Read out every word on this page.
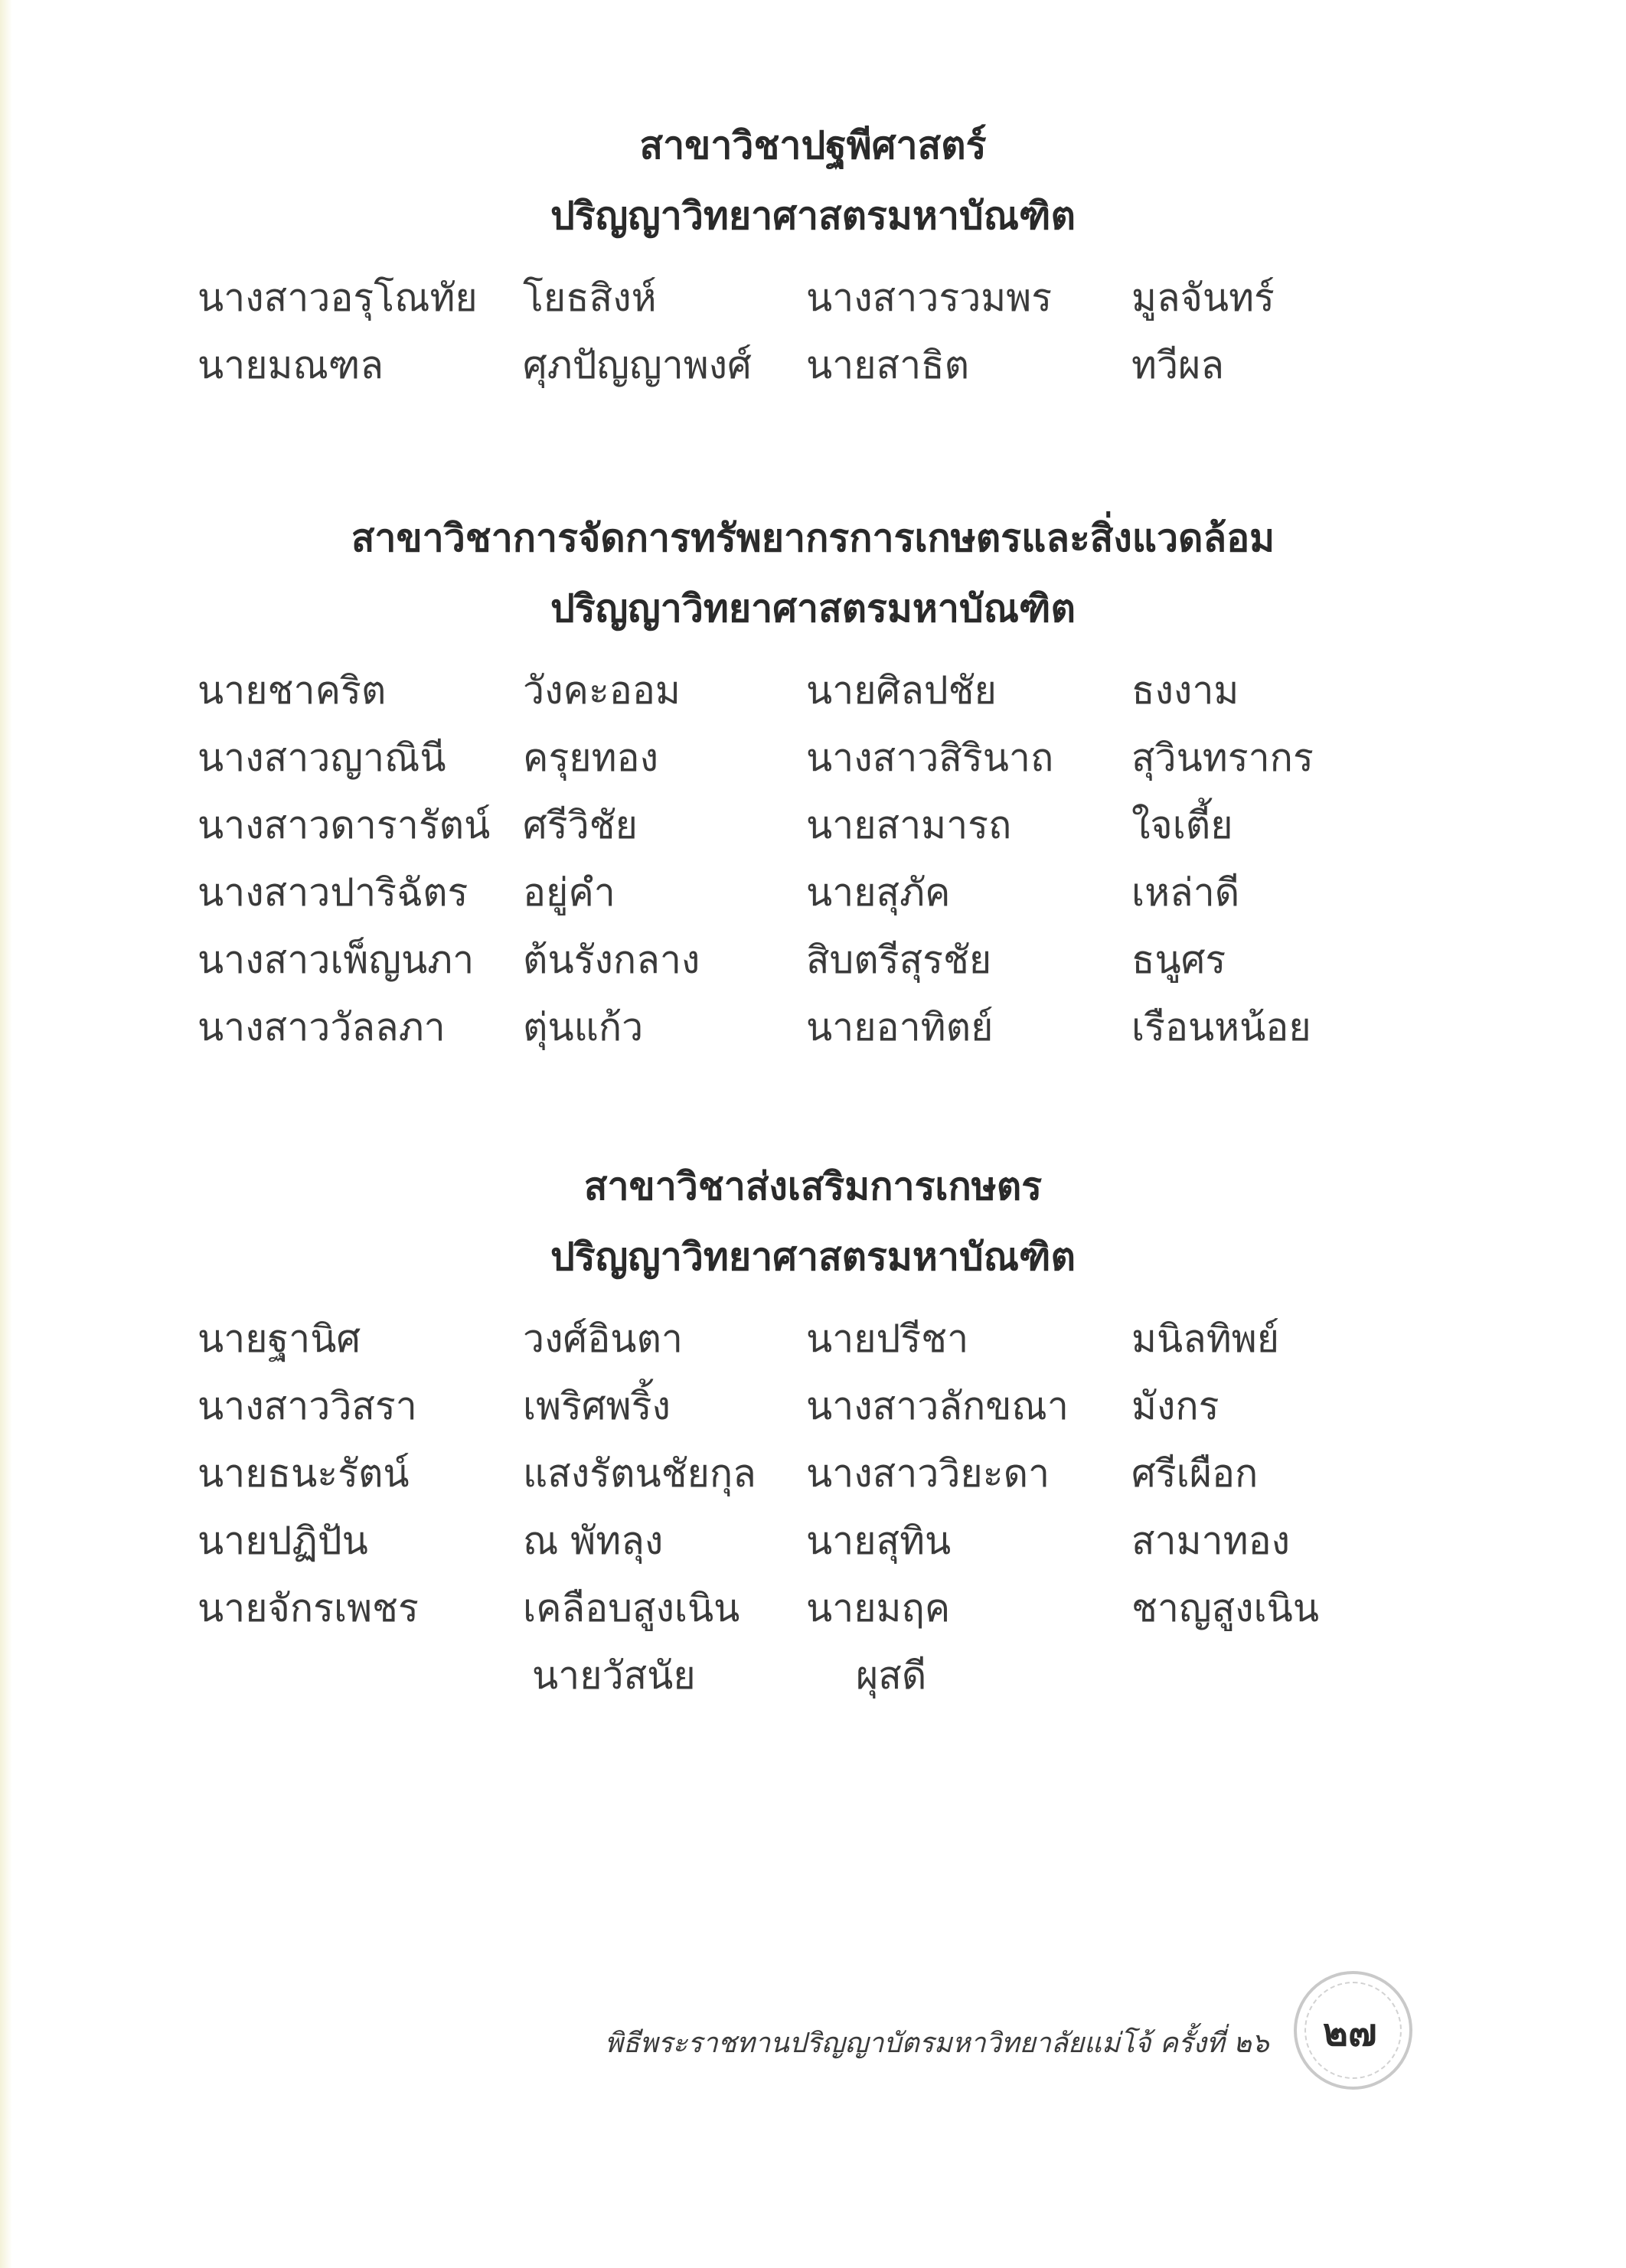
สาขาวิชาปฐพีศาสตร์
ปริญญาวิทยาศาสตรมหาบัณฑิต
นางสาวอรุโณทัย โยธสิงห์	นางสาวรวมพร มูลจันทร์
นายมณฑล	ศุภปัญญาพงศ์ นายสาธิต	ทวีผล
สาขาวิชาการจัดการทรัพยากรการเกษตรและสิ่งแวดล้อม
ปริญญาวิทยาศาสตรมหาบัณฑิต
นายชาคริต	วังคะออม	นายศิลปชัย	ธงงาม
นางสาวญาณินี ครุยทอง	นางสาวสิรินาถ สุวินทรากร
นางสาวดารารัตน์ ศรีวิชัย	นายสามารถ	ใจเตี้ย
นางสาวปาริฉัตร อยู่คำ	นายสุภัค	เหล่าดี
นางสาวเพ็ญนภา ต้นรังกลาง	สิบตรีสุรชัย	ธนูศร
นางสาววัลลภา ตุ่นแก้ว	นายอาทิตย์	เรือนหน้อย
สาขาวิชาส่งเสริมการเกษตร
ปริญญาวิทยาศาสตรมหาบัณฑิต
นายฐานิศ	วงศ์อินตา	นายปรีชา	มนิลทิพย์
นางสาววิสรา	เพริศพริ้ง	นางสาวลักขณา มังกร
นายธนะรัตน์	แสงรัตนชัยกุล นางสาววิยะดา ศรีเผือก
นายปฏิปัน	ณ พัทลุง	นายสุทิน	สามาทอง
นายจักรเพชร	เคลือบสูงเนิน นายมฤค	ชาญสูงเนิน
นายวัสนัย	ผุสดี
พิธีพระราชทานปริญญาบัตรมหาวิทยาลัยแม่โจ้ ครั้งที่ ๒๖ ๒๗
